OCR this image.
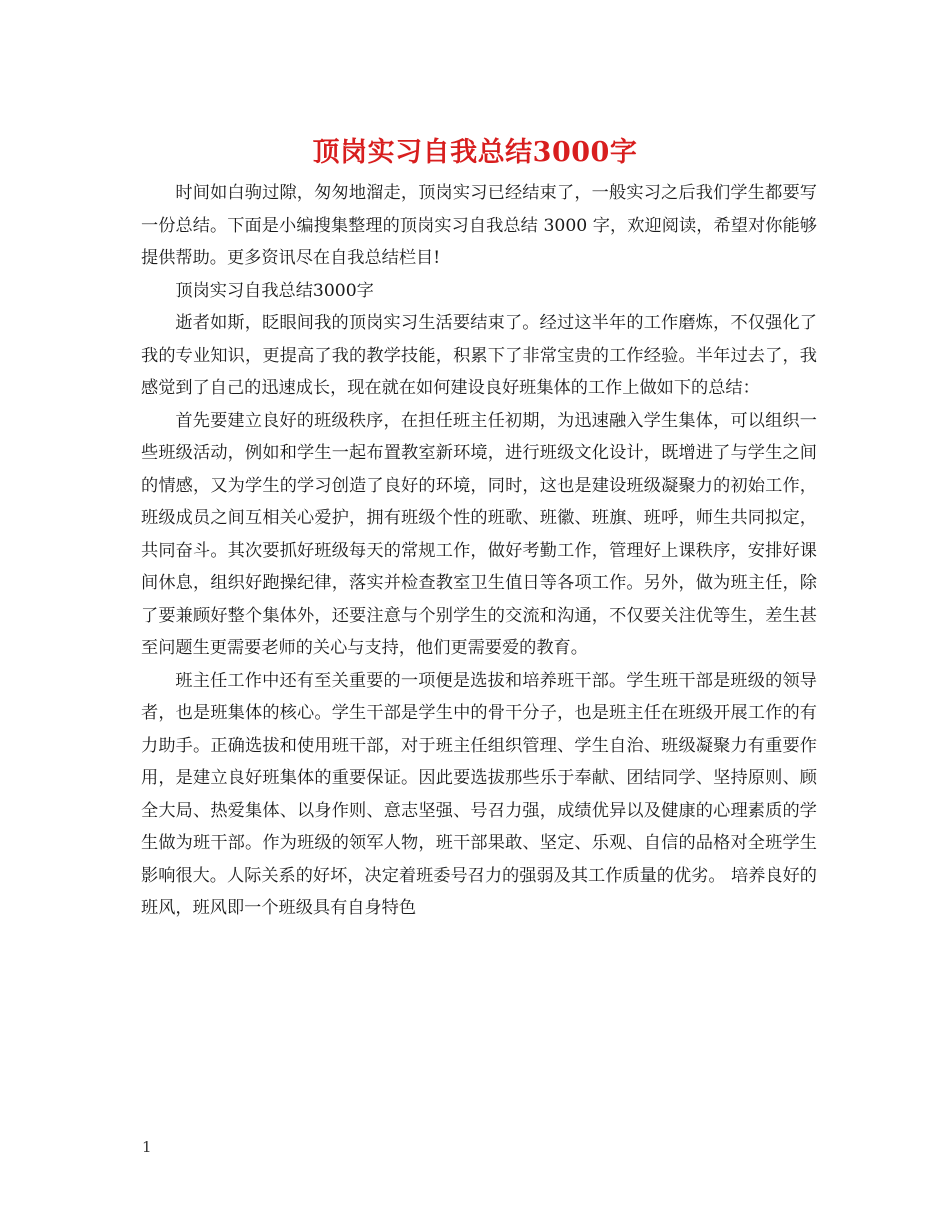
顶岗实习自我总结3000字

时间如白驹过隙，匆匆地溜走，顶岗实习已经结束了，一般实习之后我们学生都要写一份总结。下面是小编搜集整理的顶岗实习自我总结 3000 字，欢迎阅读，希望对你能够提供帮助。更多资讯尽在自我总结栏目!

顶岗实习自我总结3000字

逝者如斯，眨眼间我的顶岗实习生活要结束了。经过这半年的工作磨炼，不仅强化了我的专业知识，更提高了我的教学技能，积累下了非常宝贵的工作经验。半年过去了，我感觉到了自己的迅速成长，现在就在如何建设良好班集体的工作上做如下的总结：

首先要建立良好的班级秩序，在担任班主任初期，为迅速融入学生集体，可以组织一些班级活动，例如和学生一起布置教室新环境，进行班级文化设计，既增进了与学生之间的情感，又为学生的学习创造了良好的环境，同时，这也是建设班级凝聚力的初始工作，班级成员之间互相关心爱护，拥有班级个性的班歌、班徽、班旗、班呼，师生共同拟定，共同奋斗。其次要抓好班级每天的常规工作，做好考勤工作，管理好上课秩序，安排好课间休息，组织好跑操纪律，落实并检查教室卫生值日等各项工作。另外，做为班主任，除了要兼顾好整个集体外，还要注意与个别学生的交流和沟通，不仅要关注优等生，差生甚至问题生更需要老师的关心与支持，他们更需要爱的教育。

班主任工作中还有至关重要的一项便是选拔和培养班干部。学生班干部是班级的领导者，也是班集体的核心。学生干部是学生中的骨干分子，也是班主任在班级开展工作的有力助手。正确选拔和使用班干部，对于班主任组织管理、学生自治、班级凝聚力有重要作用，是建立良好班集体的重要保证。因此要选拔那些乐于奉献、团结同学、坚持原则、顾全大局、热爱集体、以身作则、意志坚强、号召力强，成绩优异以及健康的心理素质的学生做为班干部。作为班级的领军人物，班干部果敢、坚定、乐观、自信的品格对全班学生影响很大。人际关系的好坏，决定着班委号召力的强弱及其工作质量的优劣。 培养良好的班风，班风即一个班级具有自身特色

1
